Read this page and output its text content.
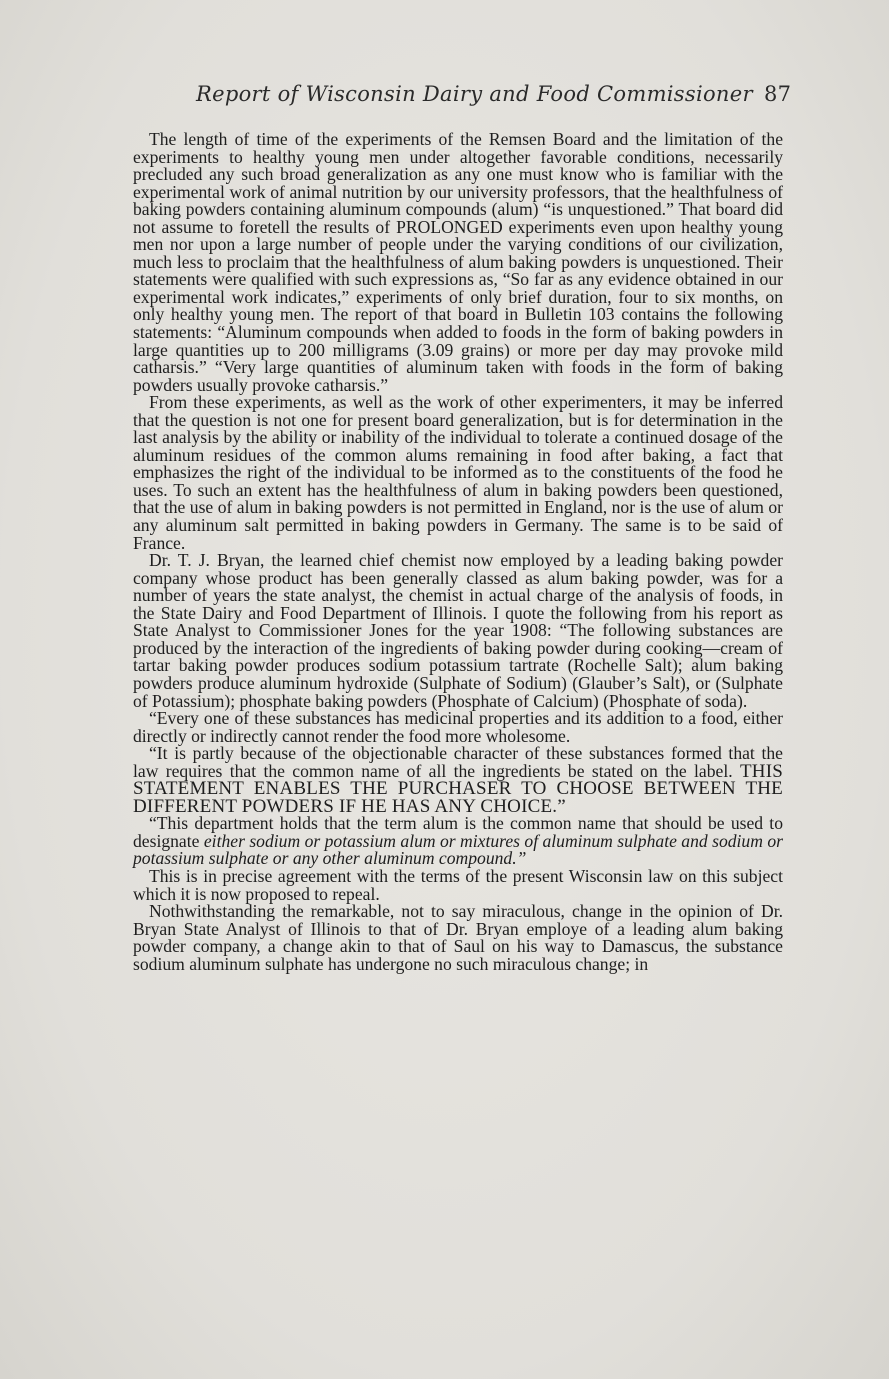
Report of Wisconsin Dairy and Food Commissioner 87

The length of time of the experiments of the Remsen Board and the limitation of the experiments to healthy young men under altogether favorable conditions, necessarily precluded any such broad generalization as any one must know who is familiar with the experimental work of animal nutrition by our university professors, that the healthfulness of baking powders containing aluminum compounds (alum) “is unquestioned.” That board did not assume to foretell the results of PROLONGED experiments even upon healthy young men nor upon a large number of people under the varying conditions of our civilization, much less to proclaim that the healthfulness of alum baking powders is unquestioned. Their statements were qualified with such expressions as, “So far as any evidence obtained in our experimental work indicates,” experiments of only brief duration, four to six months, on only healthy young men. The report of that board in Bulletin 103 contains the following statements: “Aluminum compounds when added to foods in the form of baking powders in large quantities up to 200 milligrams (3.09 grains) or more per day may provoke mild catharsis.” “Very large quantities of aluminum taken with foods in the form of baking powders usually provoke catharsis.”

From these experiments, as well as the work of other experimenters, it may be inferred that the question is not one for present board generalization, but is for determination in the last analysis by the ability or inability of the individual to tolerate a continued dosage of the aluminum residues of the common alums remaining in food after baking, a fact that emphasizes the right of the individual to be informed as to the constituents of the food he uses. To such an extent has the healthfulness of alum in baking powders been questioned, that the use of alum in baking powders is not permitted in England, nor is the use of alum or any aluminum salt permitted in baking powders in Germany. The same is to be said of France.

Dr. T. J. Bryan, the learned chief chemist now employed by a leading baking powder company whose product has been generally classed as alum baking powder, was for a number of years the state analyst, the chemist in actual charge of the analysis of foods, in the State Dairy and Food Department of Illinois. I quote the following from his report as State Analyst to Commissioner Jones for the year 1908: “The following substances are produced by the interaction of the ingredients of baking powder during cooking—cream of tartar baking powder produces sodium potassium tartrate (Rochelle Salt); alum baking powders produce aluminum hydroxide (Sulphate of Sodium) (Glauber’s Salt), or (Sulphate of Potassium); phosphate baking powders (Phosphate of Calcium) (Phosphate of soda).

“Every one of these substances has medicinal properties and its addition to a food, either directly or indirectly cannot render the food more wholesome.

“It is partly because of the objectionable character of these substances formed that the law requires that the common name of all the ingredients be stated on the label. THIS STATEMENT ENABLES THE PURCHASER TO CHOOSE BETWEEN THE DIFFERENT POWDERS IF HE HAS ANY CHOICE.”

“This department holds that the term alum is the common name that should be used to designate either sodium or potassium alum or mixtures of aluminum sulphate and sodium or potassium sulphate or any other aluminum compound.”

This is in precise agreement with the terms of the present Wisconsin law on this subject which it is now proposed to repeal.

Nothwithstanding the remarkable, not to say miraculous, change in the opinion of Dr. Bryan State Analyst of Illinois to that of Dr. Bryan employe of a leading alum baking powder company, a change akin to that of Saul on his way to Damascus, the substance sodium aluminum sulphate has undergone no such miraculous change; in
